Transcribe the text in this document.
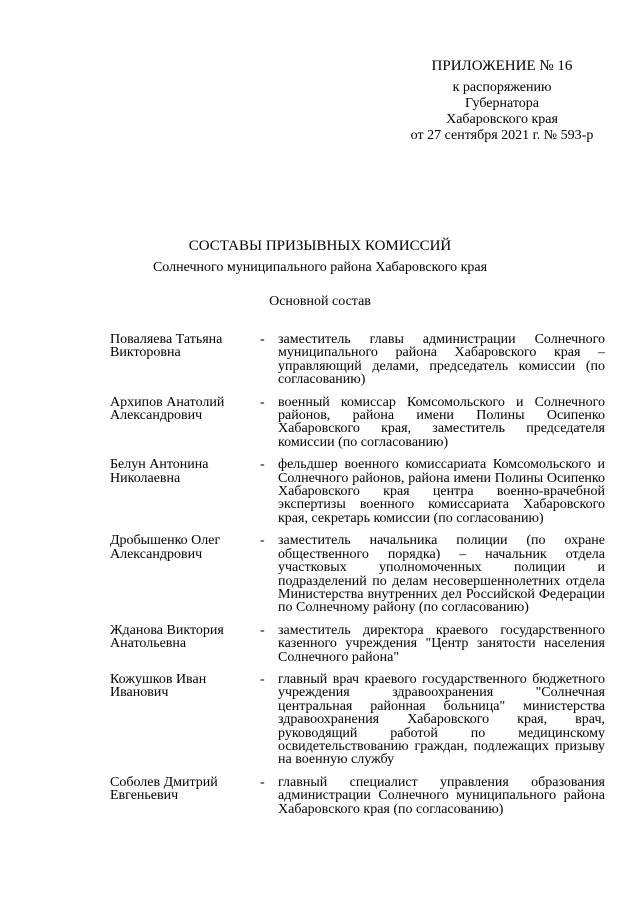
ПРИЛОЖЕНИЕ № 16
к распоряжению
Губернатора
Хабаровского края
от 27 сентября 2021 г. № 593-р
СОСТАВЫ ПРИЗЫВНЫХ КОМИССИЙ
Солнечного муниципального района Хабаровского края
Основной состав
Поваляева Татьяна Викторовна
- заместитель главы администрации Солнечного муниципального района Хабаровского края – управляющий делами, председатель комиссии (по согласованию)
Архипов Анатолий Александрович
- военный комиссар Комсомольского и Солнечного районов, района имени Полины Осипенко Хабаровского края, заместитель председателя комиссии (по согласованию)
Белун Антонина Николаевна
- фельдшер военного комиссариата Комсомольского и Солнечного районов, района имени Полины Осипенко Хабаровского края центра военно-врачебной экспертизы военного комиссариата Хабаровского края, секретарь комиссии (по согласованию)
Дробышенко Олег Александрович
- заместитель начальника полиции (по охране общественного порядка) – начальник отдела участковых уполномоченных полиции и подразделений по делам несовершеннолетних отдела Министерства внутренних дел Российской Федерации по Солнечному району (по согласованию)
Жданова Виктория Анатольевна
- заместитель директора краевого государственного казенного учреждения "Центр занятости населения Солнечного района"
Кожушков Иван Иванович
- главный врач краевого государственного бюджетного учреждения здравоохранения "Солнечная центральная районная больница" министерства здравоохранения Хабаровского края, врач, руководящий работой по медицинскому освидетельствованию граждан, подлежащих призыву на военную службу
Соболев Дмитрий Евгеньевич
- главный специалист управления образования администрации Солнечного муниципального района Хабаровского края (по согласованию)
